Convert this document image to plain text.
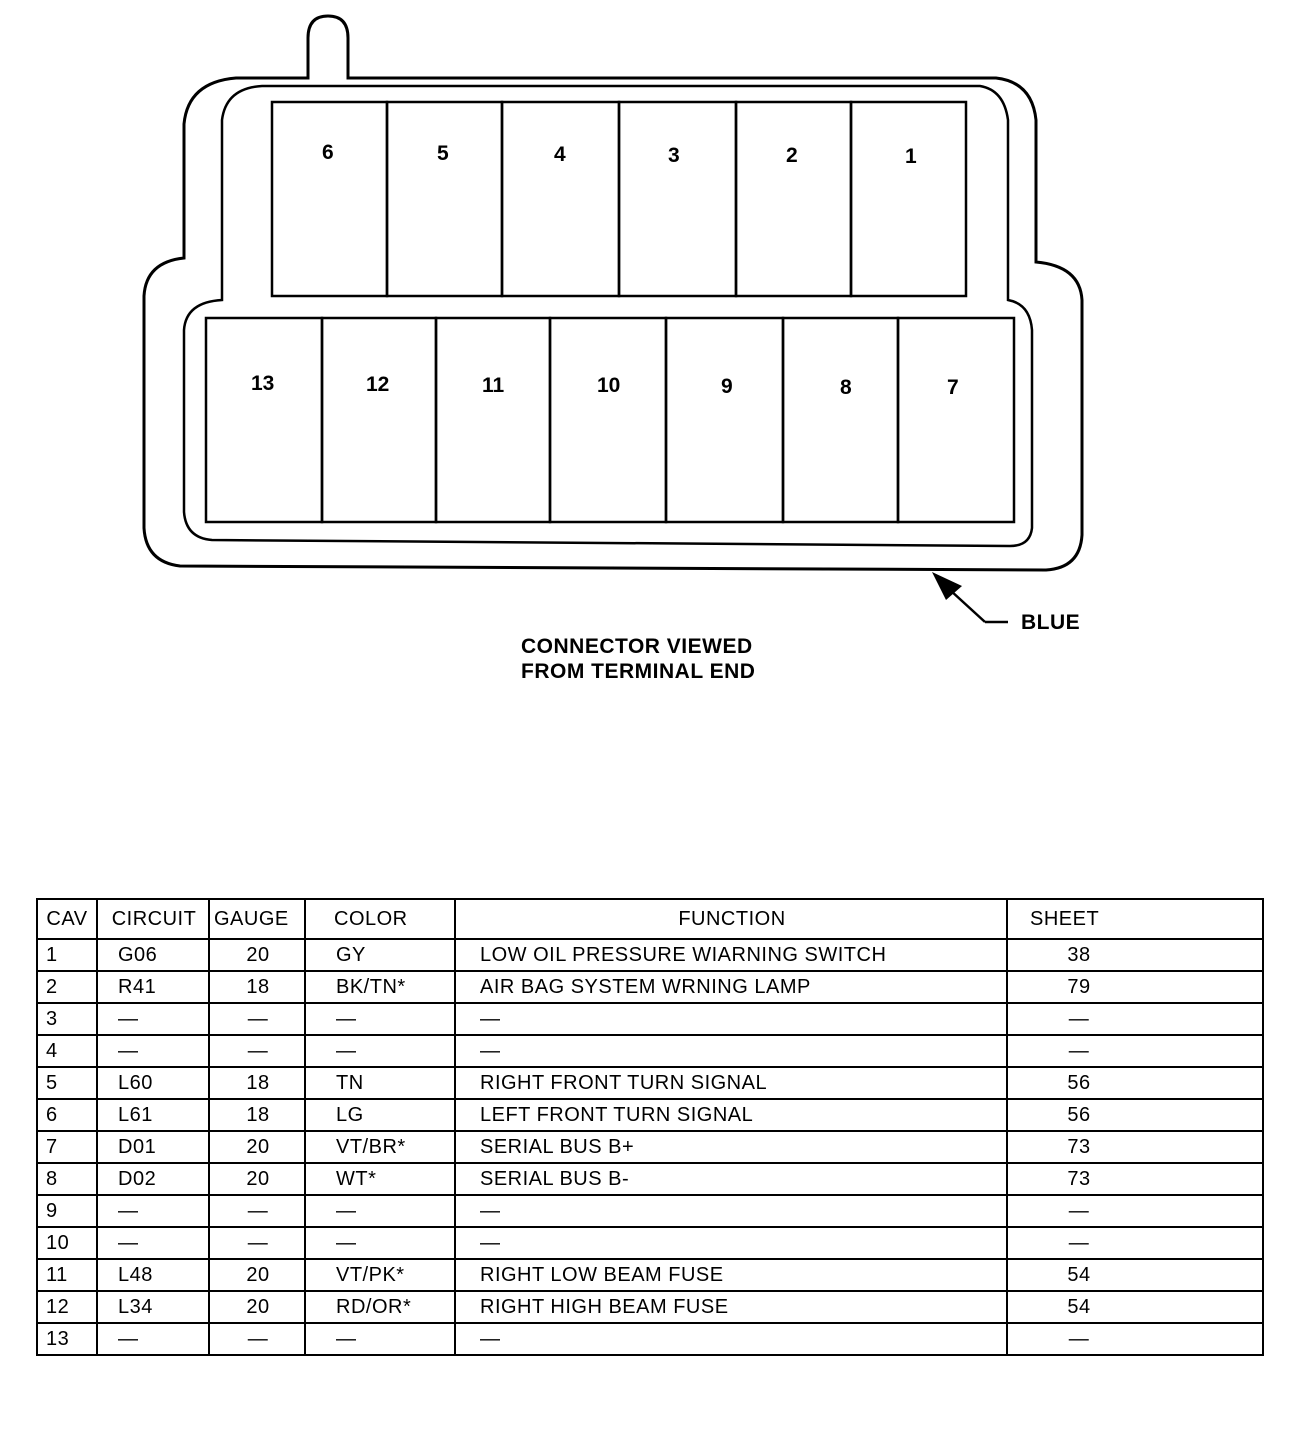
6	5	4	3	2	1
13	12	11	10	9	8	7
BLUE
CONNECTOR VIEWED
FROM TERMINAL END
CAV	CIRCUIT	GAUGE	COLOR	FUNCTION	SHEET
1	G06	20	GY	LOW OIL PRESSURE WIARNING SWITCH	38
2	R41	18	BK/TN*	AIR BAG SYSTEM WRNING LAMP	79
3	—	—	—	—	—
4	—	—	—	—	—
5	L60	18	TN	RIGHT FRONT TURN SIGNAL	56
6	L61	18	LG	LEFT FRONT TURN SIGNAL	56
7	D01	20	VT/BR*	SERIAL BUS B+	73
8	D02	20	WT*	SERIAL BUS B-	73
9	—	—	—	—	—
10	—	—	—	—	—
11	L48	20	VT/PK*	RIGHT LOW BEAM FUSE	54
12	L34	20	RD/OR*	RIGHT HIGH BEAM FUSE	54
13	—	—	—	—	—
